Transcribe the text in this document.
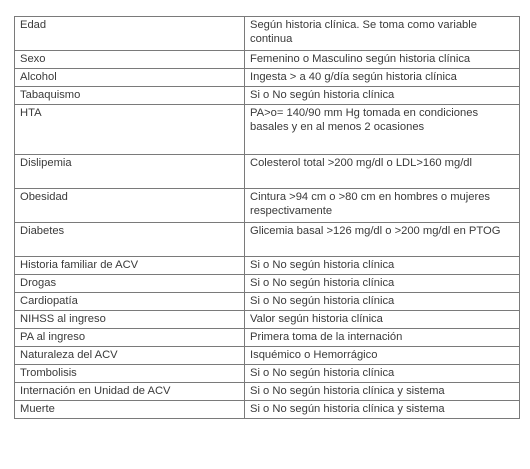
Edad	Según historia clínica. Se toma como variable continua
Sexo	Femenino o Masculino según historia clínica
Alcohol	Ingesta > a 40 g/día según historia clínica
Tabaquismo	Si o No según historia clínica
HTA	PA>o= 140/90 mm Hg tomada en condiciones basales y en al menos 2 ocasiones
Dislipemia	Colesterol total >200 mg/dl o LDL>160 mg/dl
Obesidad	Cintura >94 cm o >80 cm en hombres o mujeres respectivamente
Diabetes	Glicemia basal >126 mg/dl o >200 mg/dl en PTOG
Historia familiar de ACV	Si o No según historia clínica
Drogas	Si o No según historia clínica
Cardiopatía	Si o No según historia clínica
NIHSS al ingreso	Valor según historia clínica
PA al ingreso	Primera toma de la internación
Naturaleza del ACV	Isquémico o Hemorrágico
Trombolisis	Si o No según historia clínica
Internación en Unidad de ACV	Si o No según historia clínica y sistema
Muerte	Si o No según historia clínica y sistema
